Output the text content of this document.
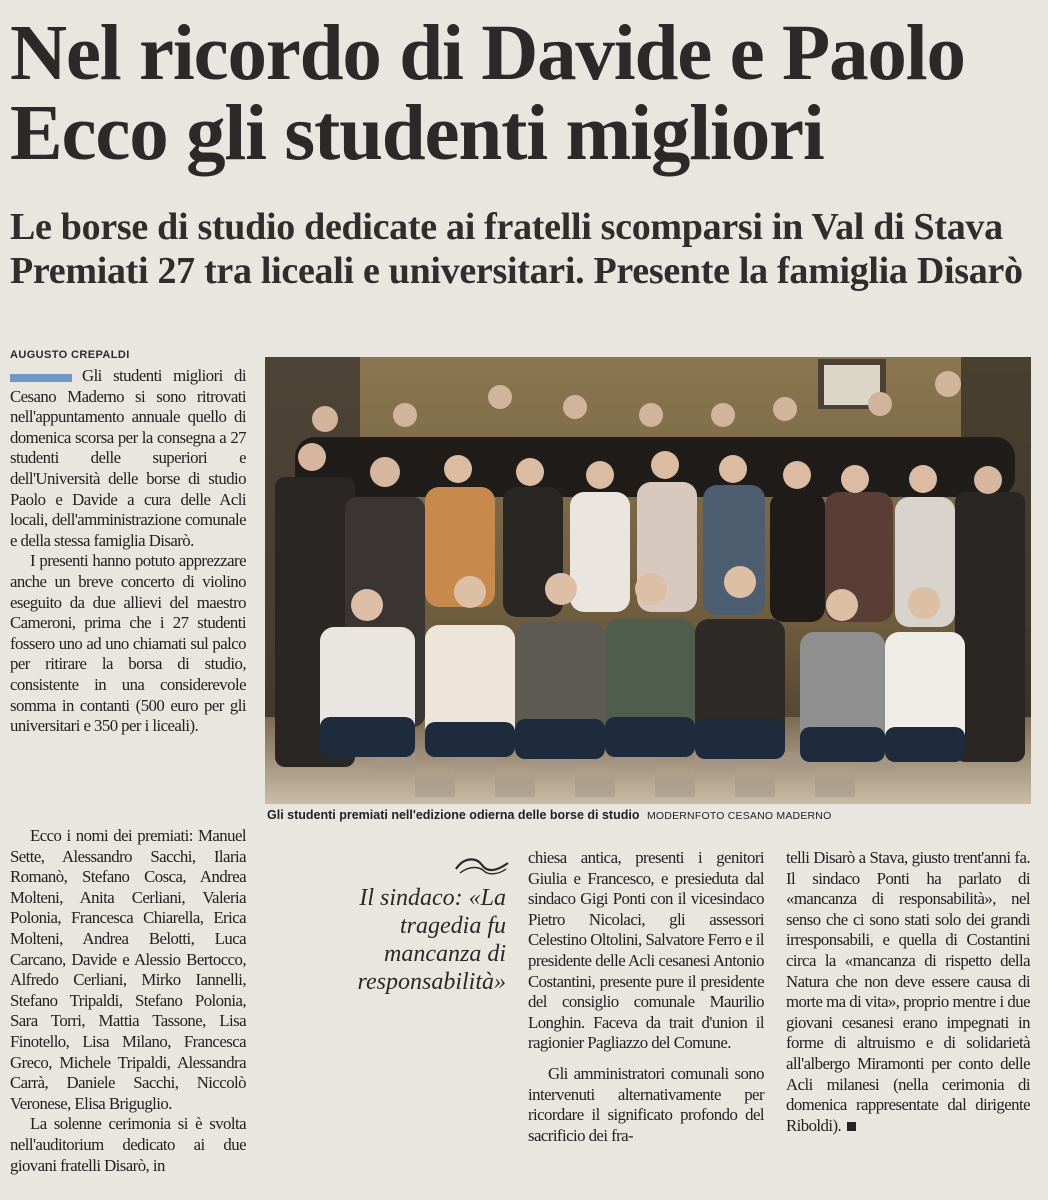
Nel ricordo di Davide e Paolo
Ecco gli studenti migliori
Le borse di studio dedicate ai fratelli scomparsi in Val di Stava
Premiati 27 tra liceali e universitari. Presente la famiglia Disarò
AUGUSTO CREPALDI

Gli studenti migliori di Cesano Maderno si sono ritrovati nell'appuntamento annuale quello di domenica scorsa per la consegna a 27 studenti delle superiori e dell'Università delle borse di studio Paolo e Davide a cura delle Acli locali, dell'amministrazione comunale e della stessa famiglia Disarò.

I presenti hanno potuto apprezzare anche un breve concerto di violino eseguito da due allievi del maestro Cameroni, prima che i 27 studenti fossero uno ad uno chiamati sul palco per ritirare la borsa di studio, consistente in una considerevole somma in contanti (500 euro per gli universitari e 350 per i liceali).

Ecco i nomi dei premiati: Manuel Sette, Alessandro Sacchi, Ilaria Romanò, Stefano Cosca, Andrea Molteni, Anita Cerliani, Valeria Polonia, Francesca Chiarella, Erica Molteni, Andrea Belotti, Luca Carcano, Davide e Alessio Bertocco, Alfredo Cerliani, Mirko Iannelli, Stefano Tripaldi, Stefano Polonia, Sara Torri, Mattia Tassone, Lisa Finotello, Lisa Milano, Francesca Greco, Michele Tripaldi, Alessandra Carrà, Daniele Sacchi, Niccolò Veronese, Elisa Briguglio.

La solenne cerimonia si è svolta nell'auditorium dedicato ai due giovani fratelli Disarò, in

Gli studenti premiati nell'edizione odierna delle borse di studio MODERNFOTO CESANO MADERNO
Il sindaco: «La tragedia fu mancanza di responsabilità»

chiesa antica, presenti i genitori Giulia e Francesco, e presieduta dal sindaco Gigi Ponti con il vicesindaco Pietro Nicolaci, gli assessori Celestino Oltolini, Salvatore Ferro e il presidente delle Acli cesanesi Antonio Costantini, presente pure il presidente del consiglio comunale Maurilio Longhin. Faceva da trait d'union il ragionier Pagliazzo del Comune.

Gli amministratori comunali sono intervenuti alternativamente per ricordare il significato profondo del sacrificio dei fra-

telli Disarò a Stava, giusto trent'anni fa. Il sindaco Ponti ha parlato di «mancanza di responsabilità», nel senso che ci sono stati solo dei grandi irresponsabili, e quella di Costantini circa la «mancanza di rispetto della Natura che non deve essere causa di morte ma di vita», proprio mentre i due giovani cesanesi erano impegnati in forme di altruismo e di solidarietà all'albergo Miramonti per conto delle Acli milanesi (nella cerimonia di domenica rappresentate dal dirigente Riboldi).
